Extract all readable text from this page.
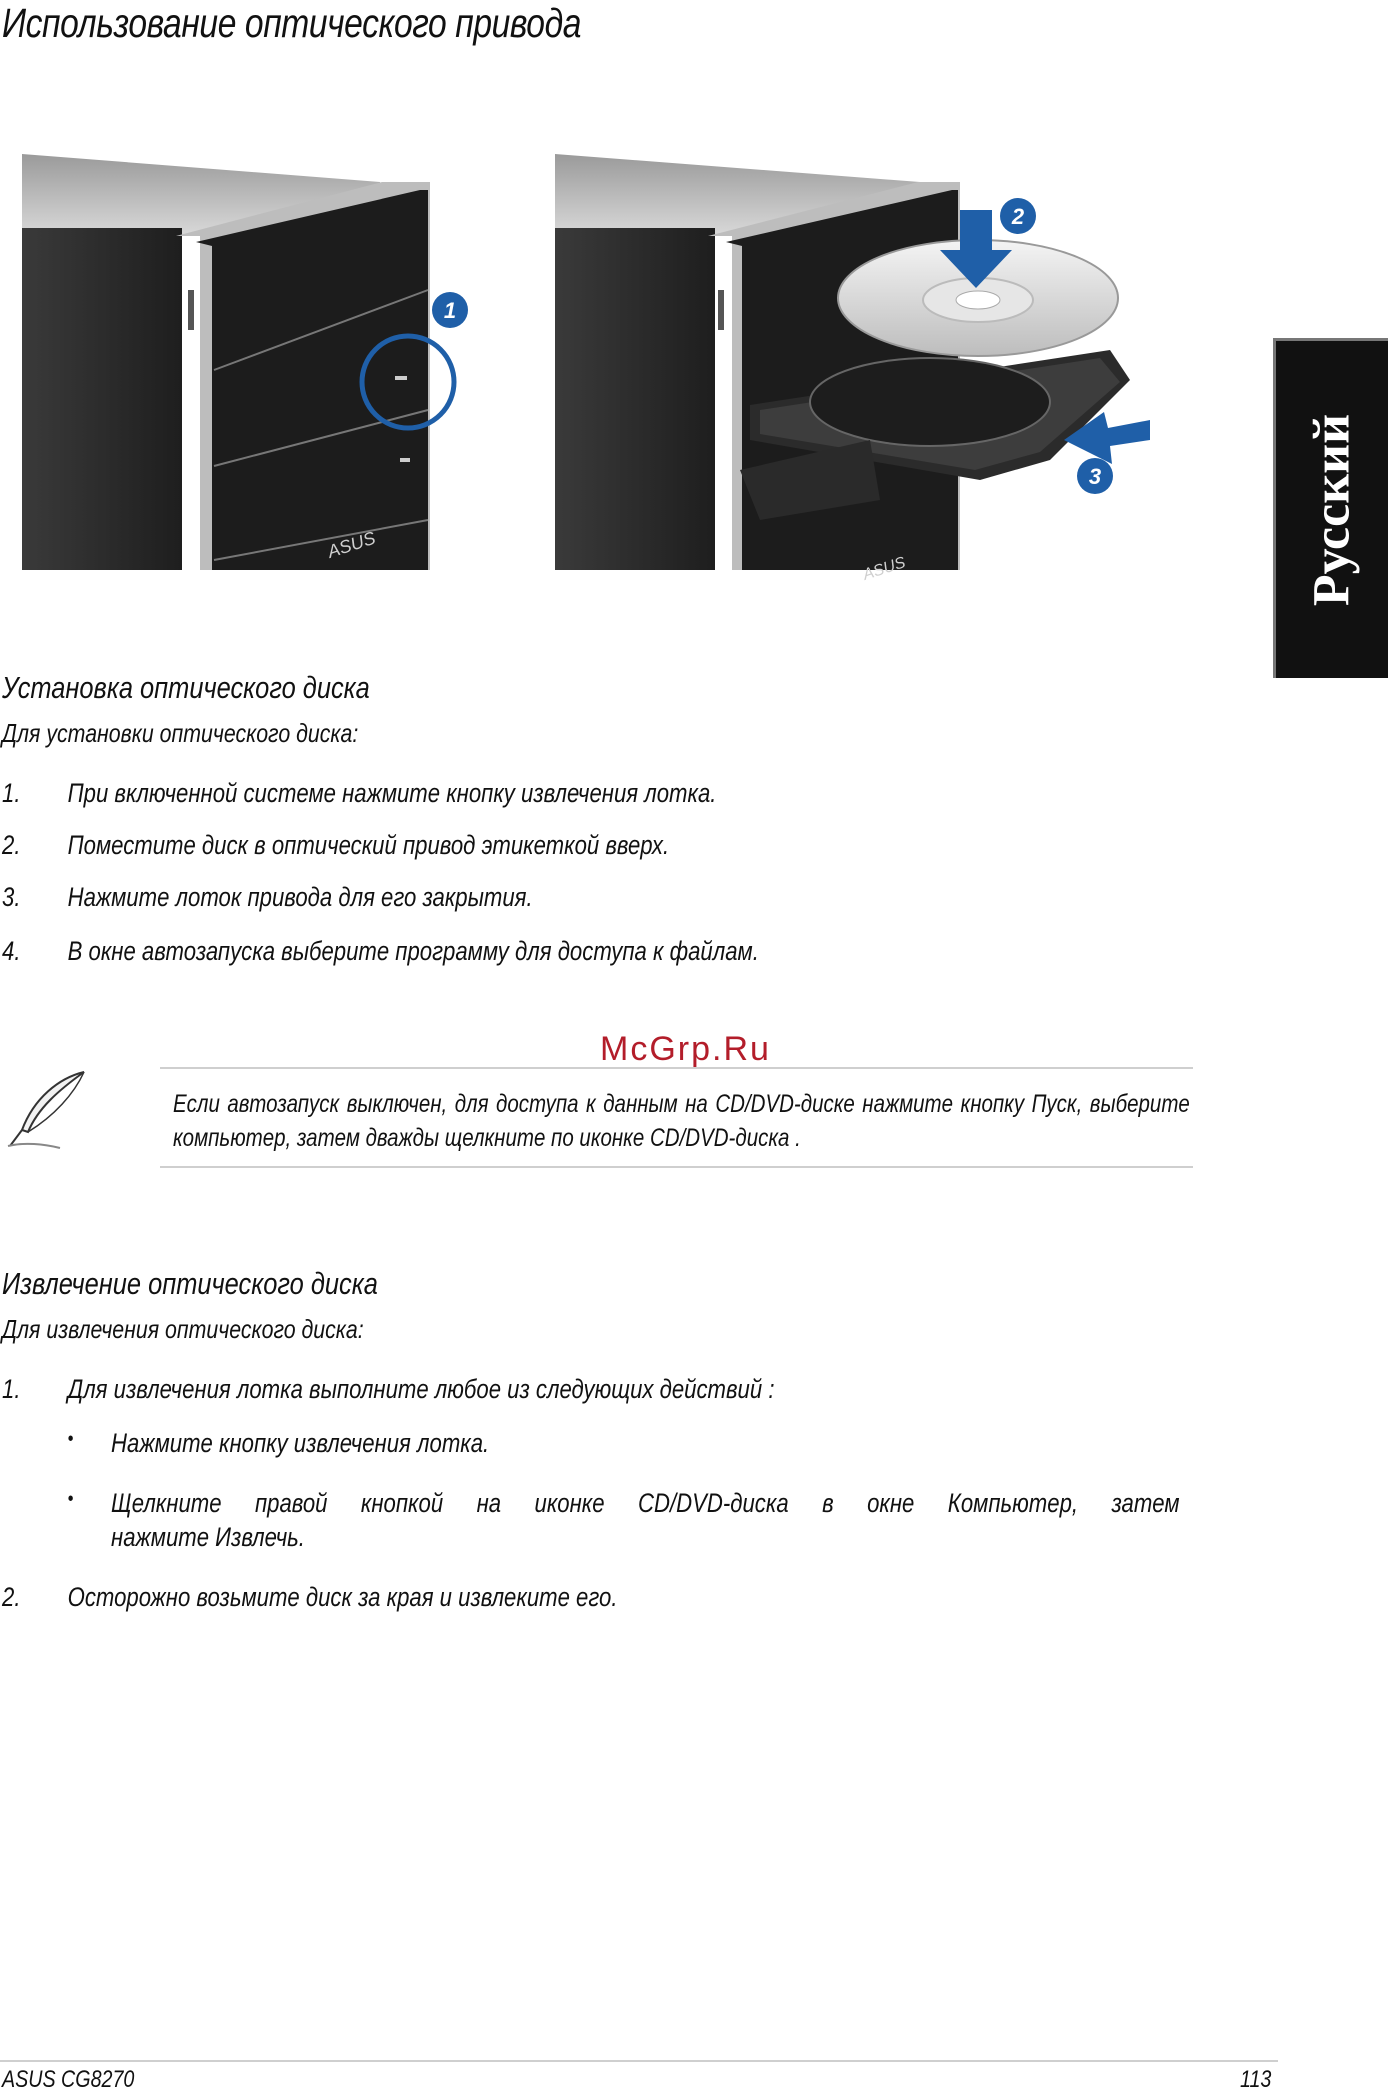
Использование оптического привода
ASUS
1
2
3
ASUS	Русский
Установка оптического диска
Для установки оптического диска:
1. При включенной системе нажмите кнопку извлечения лотка.
2. Поместите диск в оптический привод этикеткой вверх.
3. Нажмите лоток привода для его закрытия.
4. В окне автозапуска выберите программу для доступа к файлам.
McGrp.Ru
Если автозапуск выключен, для доступа к данным на CD/DVD-диске нажмите кнопку Пуск, выберите компьютер, затем дважды щелкните по иконке CD/DVD-диска .
Извлечение оптического диска
Для извлечения оптического диска:
1. Для извлечения лотка выполните любое из следующих действий :
• Нажмите кнопку извлечения лотка.
• Щелкните правой кнопкой на иконке CD/DVD-диска в окне Компьютер, затем
нажмите Извлечь.
2. Осторожно возьмите диск за края и извлеките его.
ASUS CG8270	113
